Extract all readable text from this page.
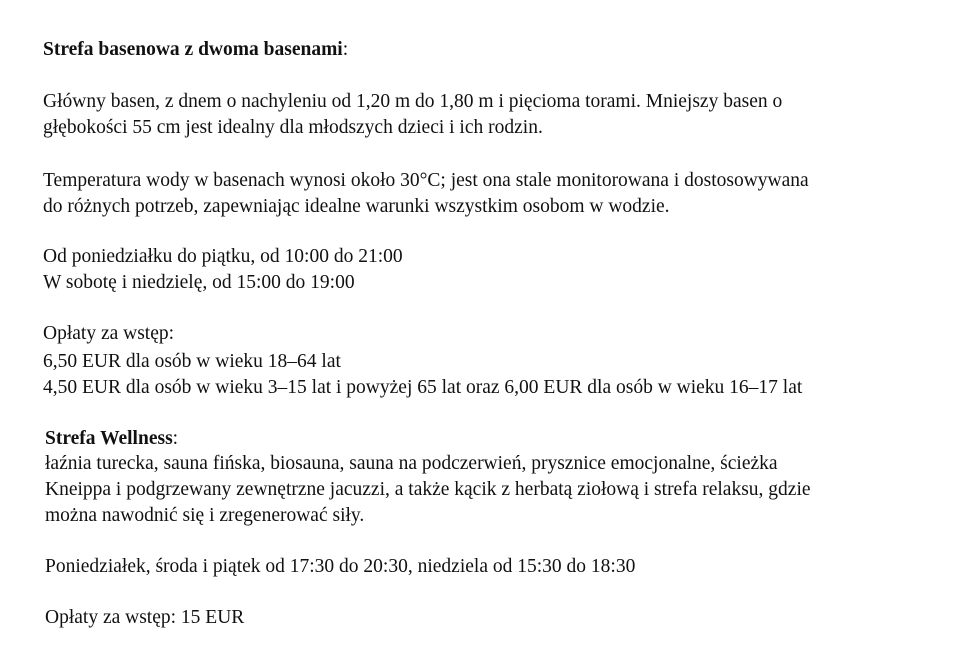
Strefa basenowa z dwoma basenami:

Główny basen, z dnem o nachyleniu od 1,20 m do 1,80 m i pięcioma torami. Mniejszy basen o

głębokości 55 cm jest idealny dla młodszych dzieci i ich rodzin.

Temperatura wody w basenach wynosi około 30°C; jest ona stale monitorowana i dostosowywana

do różnych potrzeb, zapewniając idealne warunki wszystkim osobom w wodzie.

Od poniedziałku do piątku, od 10:00 do 21:00

W sobotę i niedzielę, od 15:00 do 19:00

Opłaty za wstęp:

6,50 EUR dla osób w wieku 18–64 lat

4,50 EUR dla osób w wieku 3–15 lat i powyżej 65 lat oraz 6,00 EUR dla osób w wieku 16–17 lat

Strefa Wellness:

łaźnia turecka, sauna fińska, biosauna, sauna na podczerwień, prysznice emocjonalne, ścieżka

Kneippa i podgrzewany zewnętrzne jacuzzi, a także kącik z herbatą ziołową i strefa relaksu, gdzie

można nawodnić się i zregenerować siły.

Poniedziałek, środa i piątek od 17:30 do 20:30, niedziela od 15:30 do 18:30

Opłaty za wstęp: 15 EUR
